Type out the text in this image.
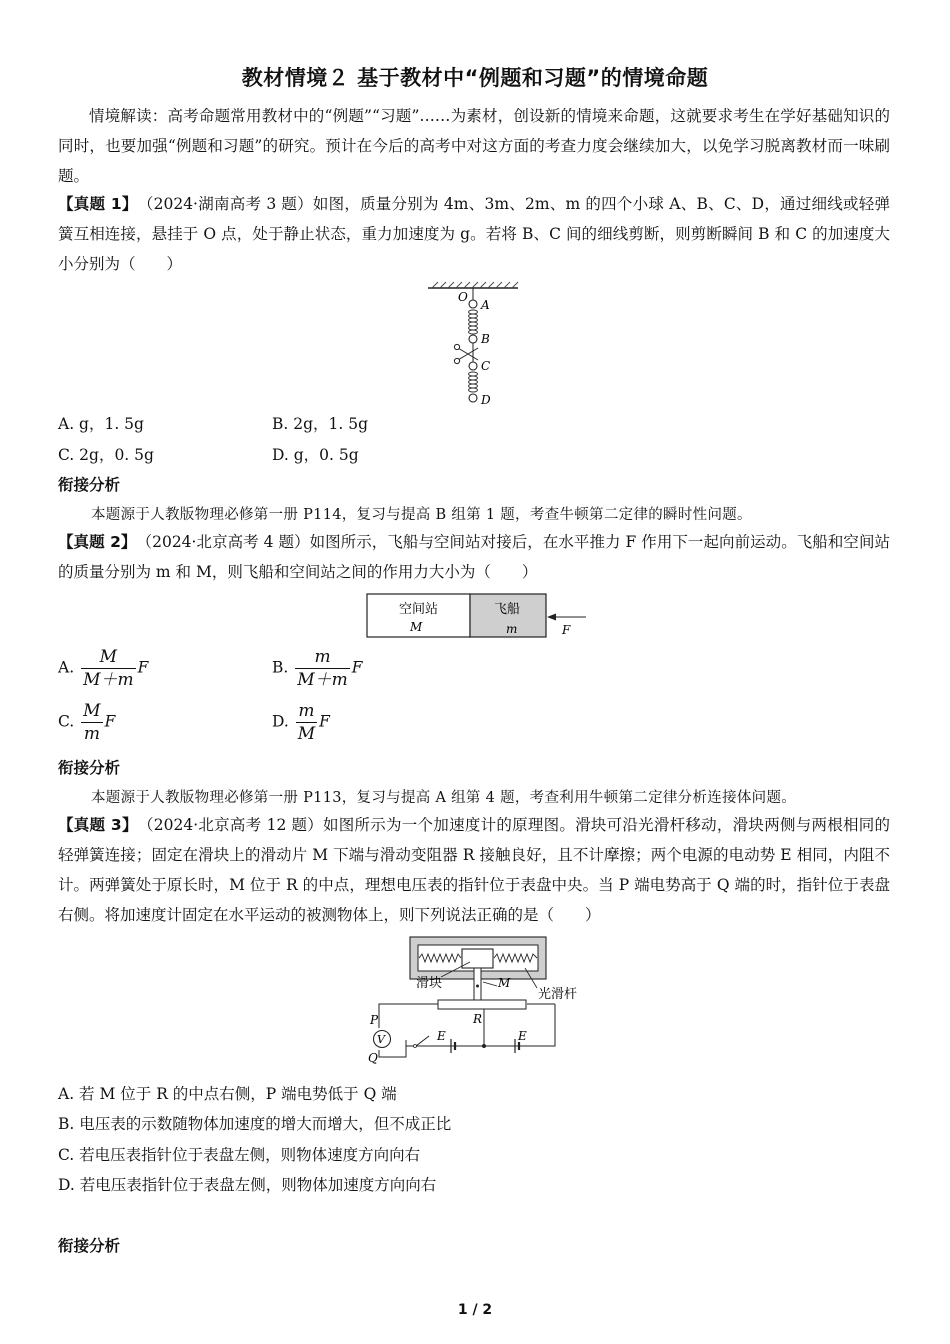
教材情境２ 基于教材中“例题和习题”的情境命题

情境解读：高考命题常用教材中的“例题”“习题”……为素材，创设新的情境来命题，这就要求考生在学好基础知识的同时，也要加强“例题和习题”的研究。预计在今后的高考中对这方面的考查力度会继续加大，以免学习脱离教材而一味刷题。

【真题 1】　 （2024·湖南高考 3 题）如图，质量分别为 4m、3m、2m、m 的四个小球 A、B、C、D，通过细线或轻弹簧互相连接，悬挂于 O 点，处于静止状态，重力加速度为 g。若将 B、C 间的细线剪断，则剪断瞬间 B 和 C 的加速度大小分别为（　　）

O
A
B
C
D
A. g，1. 5g	B. 2g，1. 5g
C. 2g，0. 5g	D. g，0. 5g
衔接分析
本题源于人教版物理必修第一册 P114，复习与提高 B 组第 1 题，考查牛顿第二定律的瞬时性问题。

【真题 2】　 （2024·北京高考 4 题）如图所示，飞船与空间站对接后，在水平推力 F 作用下一起向前运动。飞船和空间站的质量分别为 m 和 M，则飞船和空间站之间的作用力大小为（　　）

空间站
M
飞船
m	F
A. $\frac{M}{M+m}$ F	B. $\frac{m}{M+m}$ F
C. $\frac{M}{m}$ F	D. $\frac{m}{M}$ F
衔接分析
本题源于人教版物理必修第一册 P113，复习与提高 A 组第 4 题，考查利用牛顿第二定律分析连接体问题。

【真题 3】　 （2024·北京高考 12 题）如图所示为一个加速度计的原理图。滑块可沿光滑杆移动，滑块两侧与两根相同的轻弹簧连接；固定在滑块上的滑动片 M 下端与滑动变阻器 R 接触良好，且不计摩擦；两个电源的电动势 E 相同，内阻不计。两弹簧处于原长时，M 位于 R 的中点，理想电压表的指针位于表盘中央。当 P 端电势高于 Q 端的时，指针位于表盘右侧。将加速度计固定在水平运动的被测物体上，则下列说法正确的是（　　）

滑块	M
光滑杆
R
P
V
Q
E	E
A. 若 M 位于 R 的中点右侧，P 端电势低于 Q 端
B. 电压表的示数随物体加速度的增大而增大，但不成正比
C. 若电压表指针位于表盘左侧，则物体速度方向向右
D. 若电压表指针位于表盘左侧，则物体加速度方向向右
衔接分析
1 / 2
